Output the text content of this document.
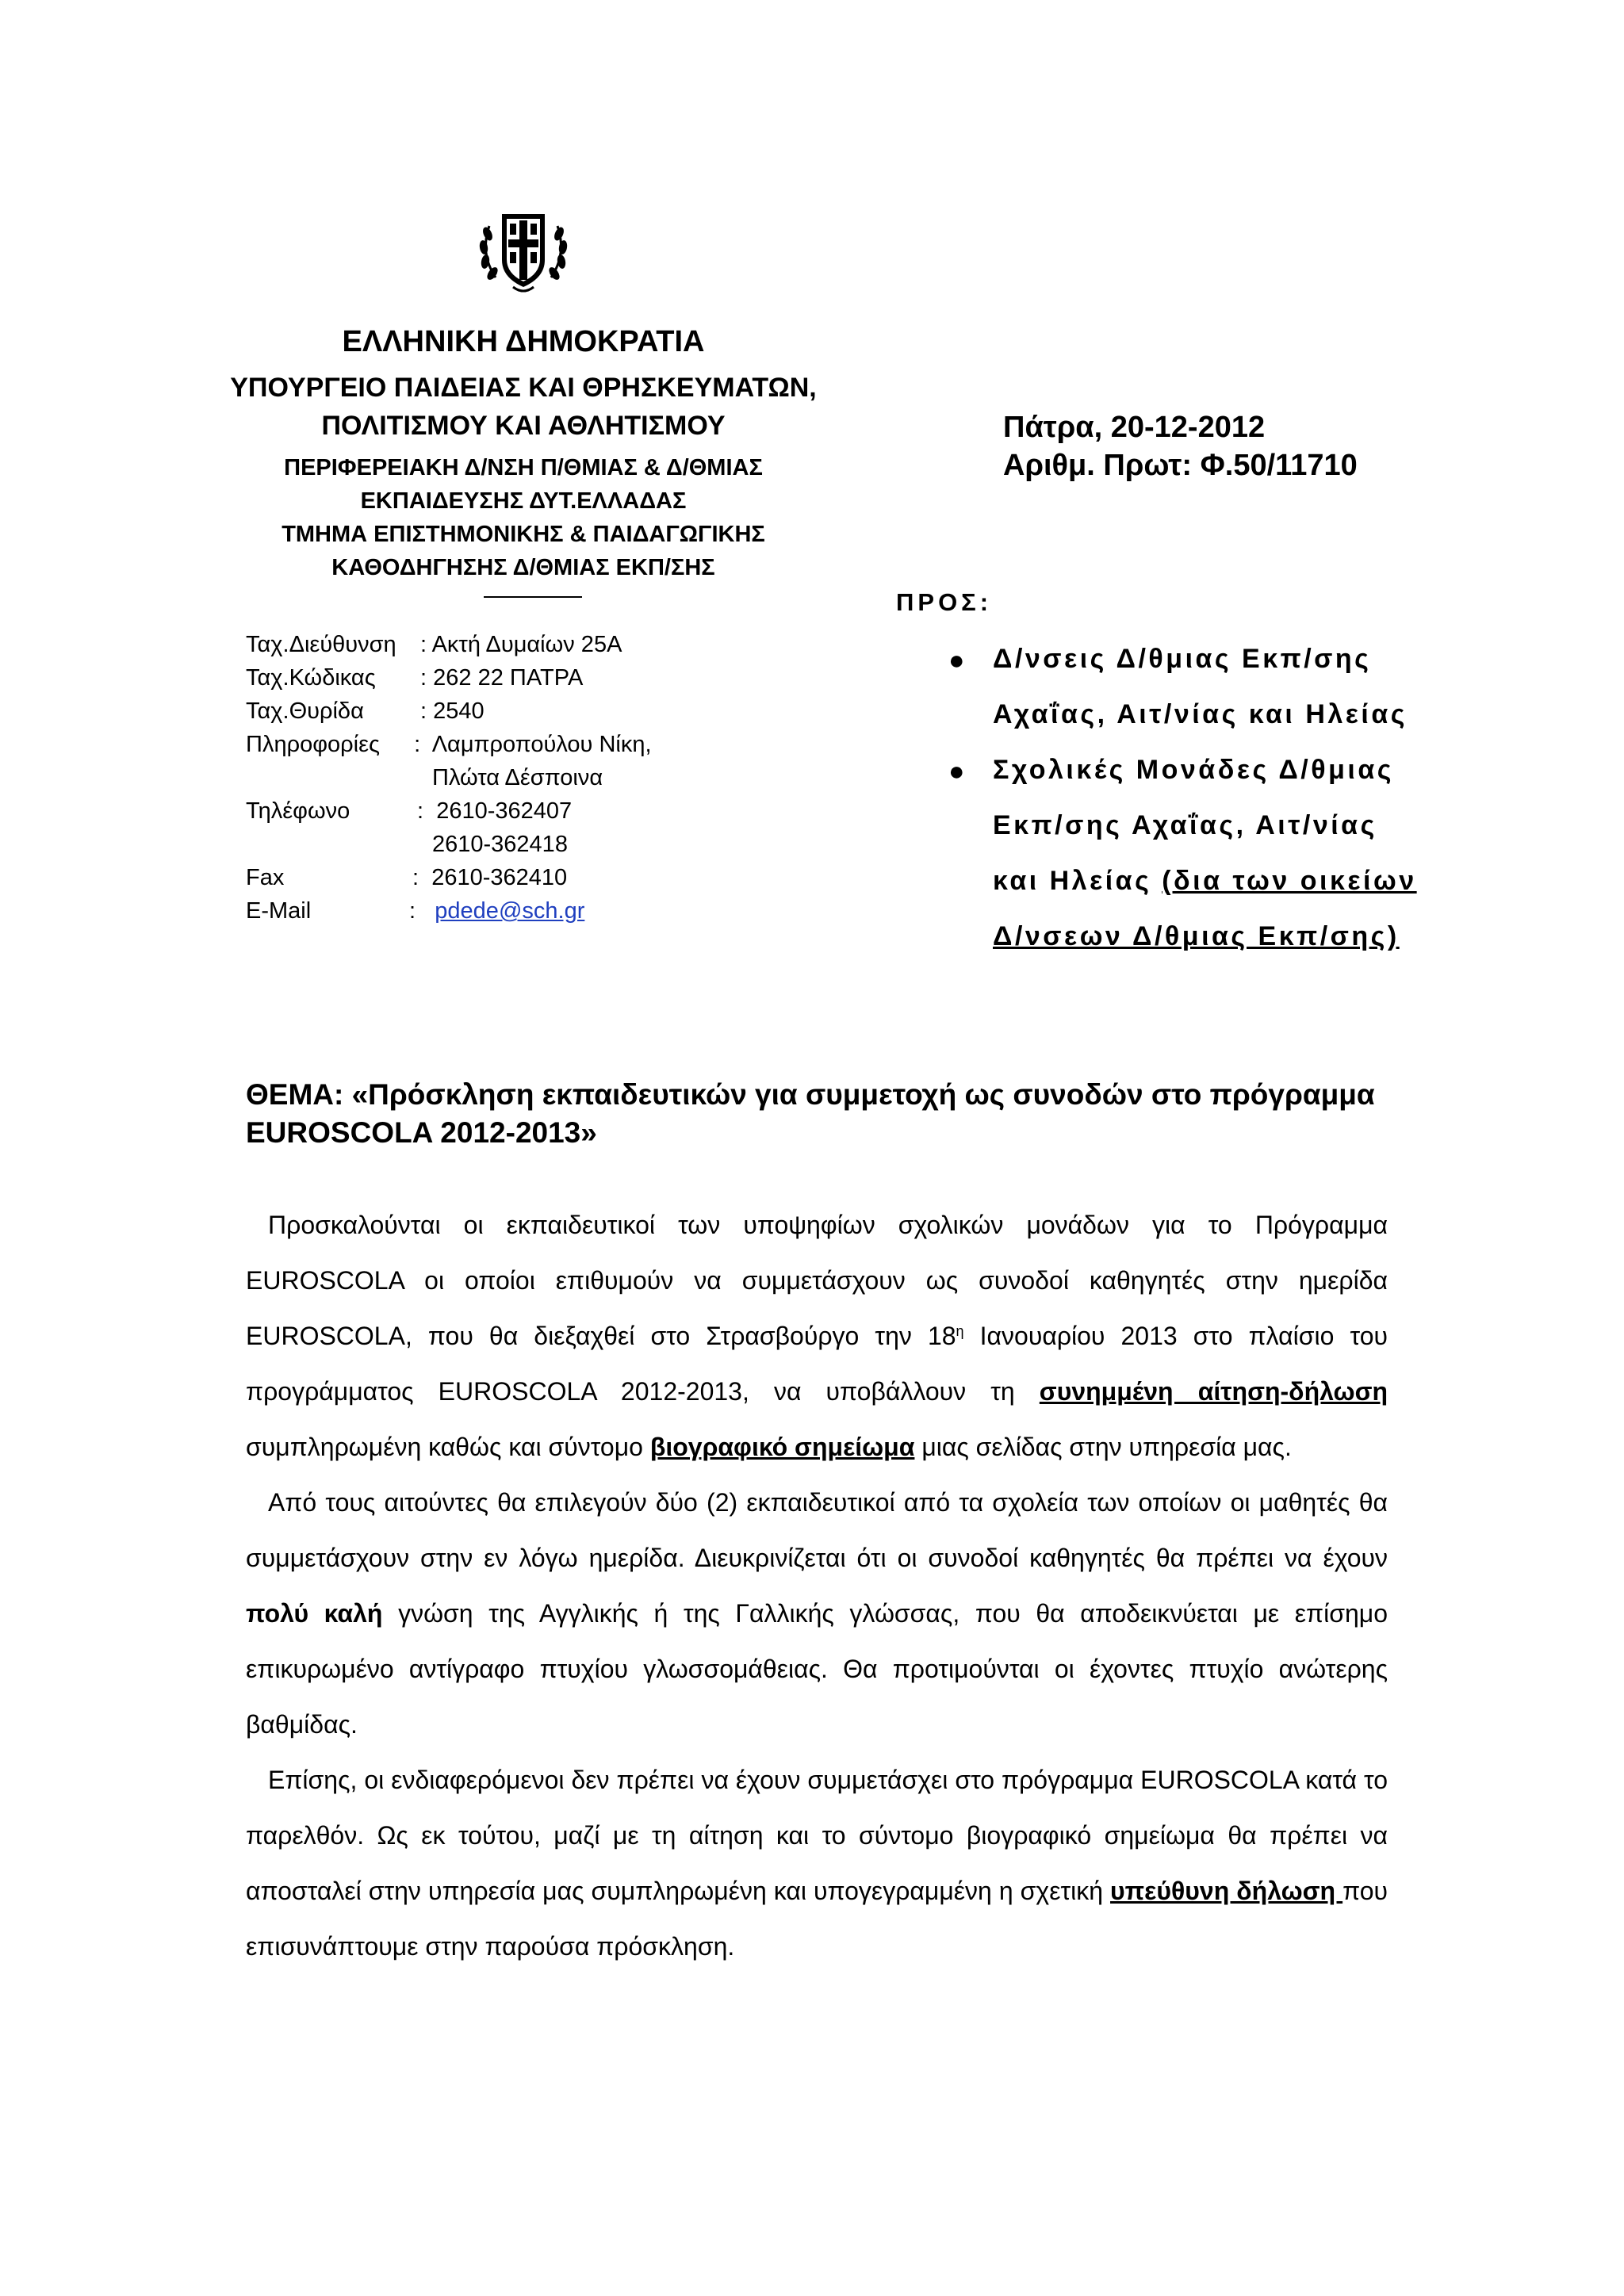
ΕΛΛΗΝΙΚΗ ΔΗΜΟΚΡΑΤΙΑ
ΥΠΟΥΡΓΕΙΟ ΠΑΙΔΕΙΑΣ ΚΑΙ ΘΡΗΣΚΕΥΜΑΤΩΝ,
ΠΟΛΙΤΙΣΜΟΥ ΚΑΙ ΑΘΛΗΤΙΣΜΟΥ
ΠΕΡΙΦΕΡΕΙΑΚΗ Δ/ΝΣΗ Π/ΘΜΙΑΣ & Δ/ΘΜΙΑΣ
ΕΚΠΑΙΔΕΥΣΗΣ ΔΥΤ.ΕΛΛΑΔΑΣ
ΤΜΗΜΑ ΕΠΙΣΤΗΜΟΝΙΚΗΣ & ΠΑΙΔΑΓΩΓΙΚΗΣ
ΚΑΘΟΔΗΓΗΣΗΣ Δ/ΘΜΙΑΣ ΕΚΠ/ΣΗΣ
Ταχ.Διεύθυνση : Ακτή Δυμαίων 25Α
Ταχ.Κώδικας : 262 22 ΠΑΤΡΑ
Ταχ.Θυρίδα : 2540
Πληροφορίες  :  Λαμπροπούλου Νίκη,
Πλώτα Δέσποινα
Τηλέφωνο	:  2610-362407
2610-362418
Fax	:  2610-362410
E-Mail	:   pdede@sch.gr
Πάτρα, 20-12-2012
Αριθμ. Πρωτ: Φ.50/11710
ΠΡΟΣ:
● Δ/νσεις Δ/θμιας Εκπ/σης
Αχαΐας, Αιτ/νίας και Ηλείας
● Σχολικές Μονάδες Δ/θμιας
Εκπ/σης Αχαΐας, Αιτ/νίας
και Ηλείας (δια των οικείων
Δ/νσεων Δ/θμιας Εκπ/σης)
ΘΕΜΑ: «Πρόσκληση εκπαιδευτικών για συμμετοχή ως συνοδών στο πρόγραμμα
EUROSCOLA 2012-2013»

Προσκαλούνται οι εκπαιδευτικοί των υποψηφίων σχολικών μονάδων για το Πρόγραμμα EUROSCOLA οι οποίοι επιθυμούν να συμμετάσχουν ως συνοδοί καθηγητές στην ημερίδα EUROSCOLA, που θα διεξαχθεί στο Στρασβούργο την $18^\eta$ Ιανουαρίου 2013 στο πλαίσιο του προγράμματος EUROSCOLA 2012-2013, να υποβάλλουν τη συνημμένη αίτηση-δήλωση συμπληρωμένη καθώς και σύντομο βιογραφικό σημείωμα μιας σελίδας στην υπηρεσία μας.

Από τους αιτούντες θα επιλεγούν δύο (2) εκπαιδευτικοί από τα σχολεία των οποίων οι μαθητές θα συμμετάσχουν στην εν λόγω ημερίδα. Διευκρινίζεται ότι οι συνοδοί καθηγητές θα πρέπει να έχουν πολύ καλή γνώση της Αγγλικής ή της Γαλλικής γλώσσας, που θα αποδεικνύεται με επίσημο επικυρωμένο αντίγραφο πτυχίου γλωσσομάθειας. Θα προτιμούνται οι έχοντες πτυχίο ανώτερης βαθμίδας.

Επίσης, οι ενδιαφερόμενοι δεν πρέπει να έχουν συμμετάσχει στο πρόγραμμα EUROSCOLA κατά το παρελθόν. Ως εκ τούτου, μαζί με τη αίτηση και το σύντομο βιογραφικό σημείωμα θα πρέπει να αποσταλεί στην υπηρεσία μας συμπληρωμένη και υπογεγραμμένη η σχετική υπεύθυνη δήλωση που επισυνάπτουμε στην παρούσα πρόσκληση.
